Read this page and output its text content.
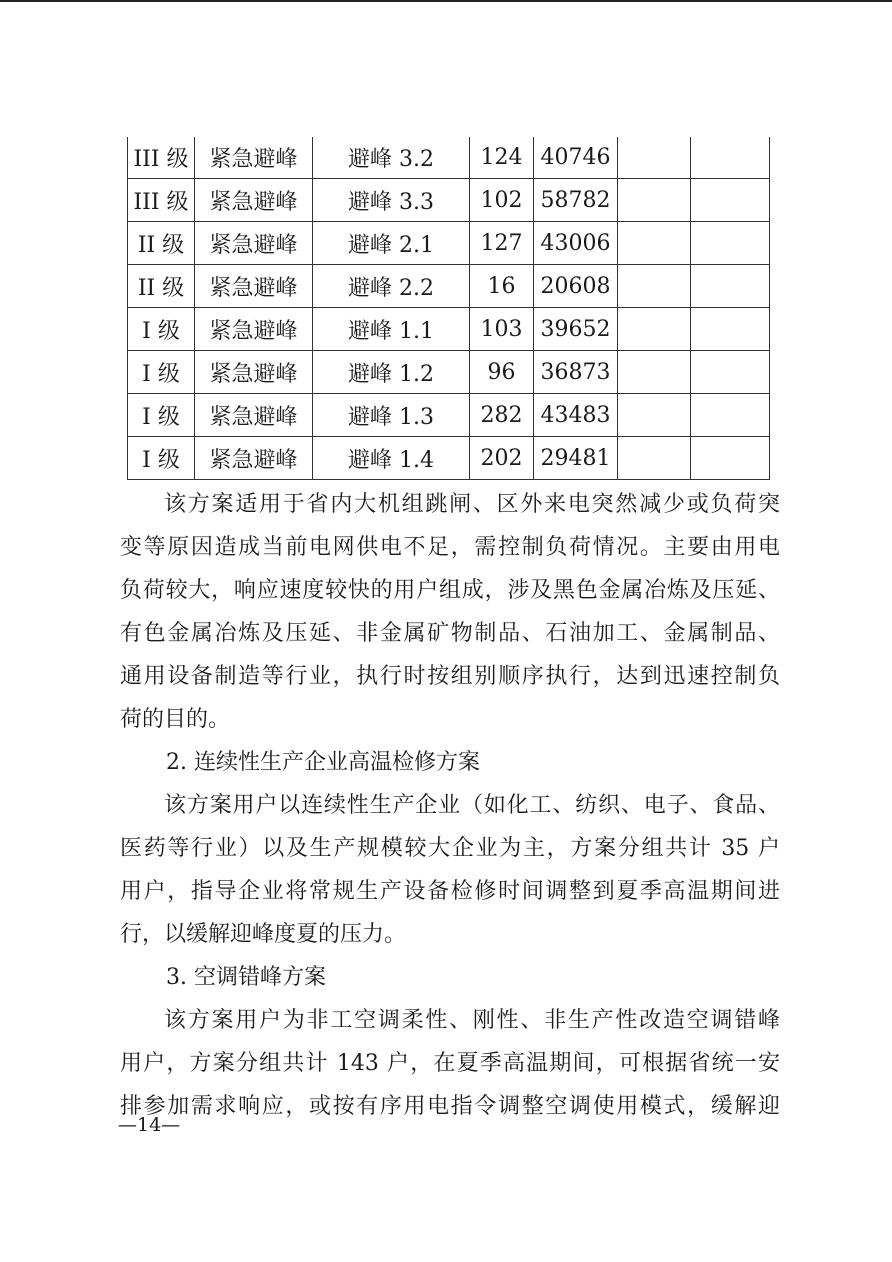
III 级	紧急避峰	避峰 3.2	124	40746		
III 级	紧急避峰	避峰 3.3	102	58782		
II 级	紧急避峰	避峰 2.1	127	43006		
II 级	紧急避峰	避峰 2.2	16	20608		
I 级	紧急避峰	避峰 1.1	103	39652		
I 级	紧急避峰	避峰 1.2	96	36873		
I 级	紧急避峰	避峰 1.3	282	43483		
I 级	紧急避峰	避峰 1.4	202	29481		
该方案适用于省内大机组跳闸、区外来电突然减少或负荷突
变等原因造成当前电网供电不足，需控制负荷情况。主要由用电
负荷较大，响应速度较快的用户组成，涉及黑色金属冶炼及压延、
有色金属冶炼及压延、非金属矿物制品、石油加工、金属制品、
通用设备制造等行业，执行时按组别顺序执行，达到迅速控制负
荷的目的。

2. 连续性生产企业高温检修方案

该方案用户以连续性生产企业（如化工、纺织、电子、食品、
医药等行业）以及生产规模较大企业为主，方案分组共计 35 户
用户，指导企业将常规生产设备检修时间调整到夏季高温期间进
行，以缓解迎峰度夏的压力。

3. 空调错峰方案

该方案用户为非工空调柔性、刚性、非生产性改造空调错峰
用户，方案分组共计 143 户，在夏季高温期间，可根据省统一安
排参加需求响应，或按有序用电指令调整空调使用模式，缓解迎
—14—
